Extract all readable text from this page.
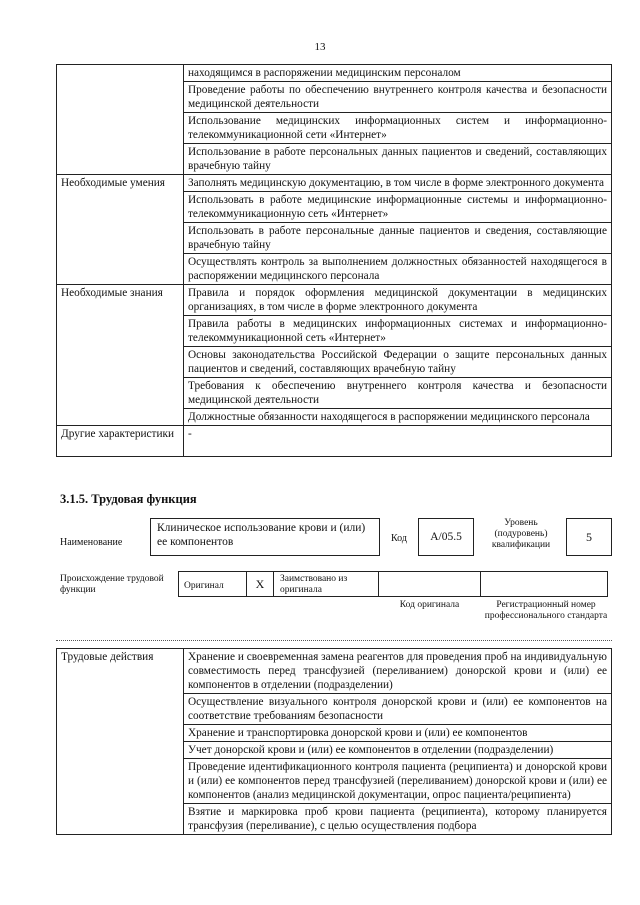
13
	находящимся в распоряжении медицинским персоналом
	Проведение работы по обеспечению внутреннего контроля качества и безопасности медицинской деятельности
	Использование медицинских информационных систем и информационно-телекоммуникационной сети «Интернет»
	Использование в работе персональных данных пациентов и сведений, составляющих врачебную тайну
Необходимые умения	Заполнять медицинскую документацию, в том числе в форме электронного документа
	Использовать в работе медицинские информационные системы и информационно-телекоммуникационную сеть «Интернет»
	Использовать в работе персональные данные пациентов и сведения, составляющие врачебную тайну
	Осуществлять контроль за выполнением должностных обязанностей находящегося в распоряжении медицинского персонала
Необходимые знания	Правила и порядок оформления медицинской документации в медицинских организациях, в том числе в форме электронного документа
	Правила работы в медицинских информационных системах и информационно-телекоммуникационной сеть «Интернет»
	Основы законодательства Российской Федерации о защите персональных данных пациентов и сведений, составляющих врачебную тайну
	Требования к обеспечению внутреннего контроля качества и безопасности медицинской деятельности
	Должностные обязанности находящегося в распоряжении медицинского персонала
Другие характеристики	-
3.1.5. Трудовая функция
Наименование
Клиническое использование крови и (или) ее компонентов	Код	A/05.5
Уровень (подуровень) квалификации
5
Происхождение трудовой функции	Оригинал	X	Заимствовано из оригинала
Код оригинала	Регистрационный номер профессионального стандарта
Трудовые действия	Хранение и своевременная замена реагентов для проведения проб на индивидуальную совместимость перед трансфузией (переливанием) донорской крови и (или) ее компонентов в отделении (подразделении)
Осуществление визуального контроля донорской крови и (или) ее компонентов на соответствие требованиям безопасности
Хранение и транспортировка донорской крови и (или) ее компонентов
Учет донорской крови и (или) ее компонентов в отделении (подразделении)
Проведение идентификационного контроля пациента (реципиента) и донорской крови и (или) ее компонентов перед трансфузией (переливанием) донорской крови и (или) ее компонентов (анализ медицинской документации, опрос пациента/реципиента)
Взятие и маркировка проб крови пациента (реципиента), которому планируется трансфузия (переливание), с целью осуществления подбора
